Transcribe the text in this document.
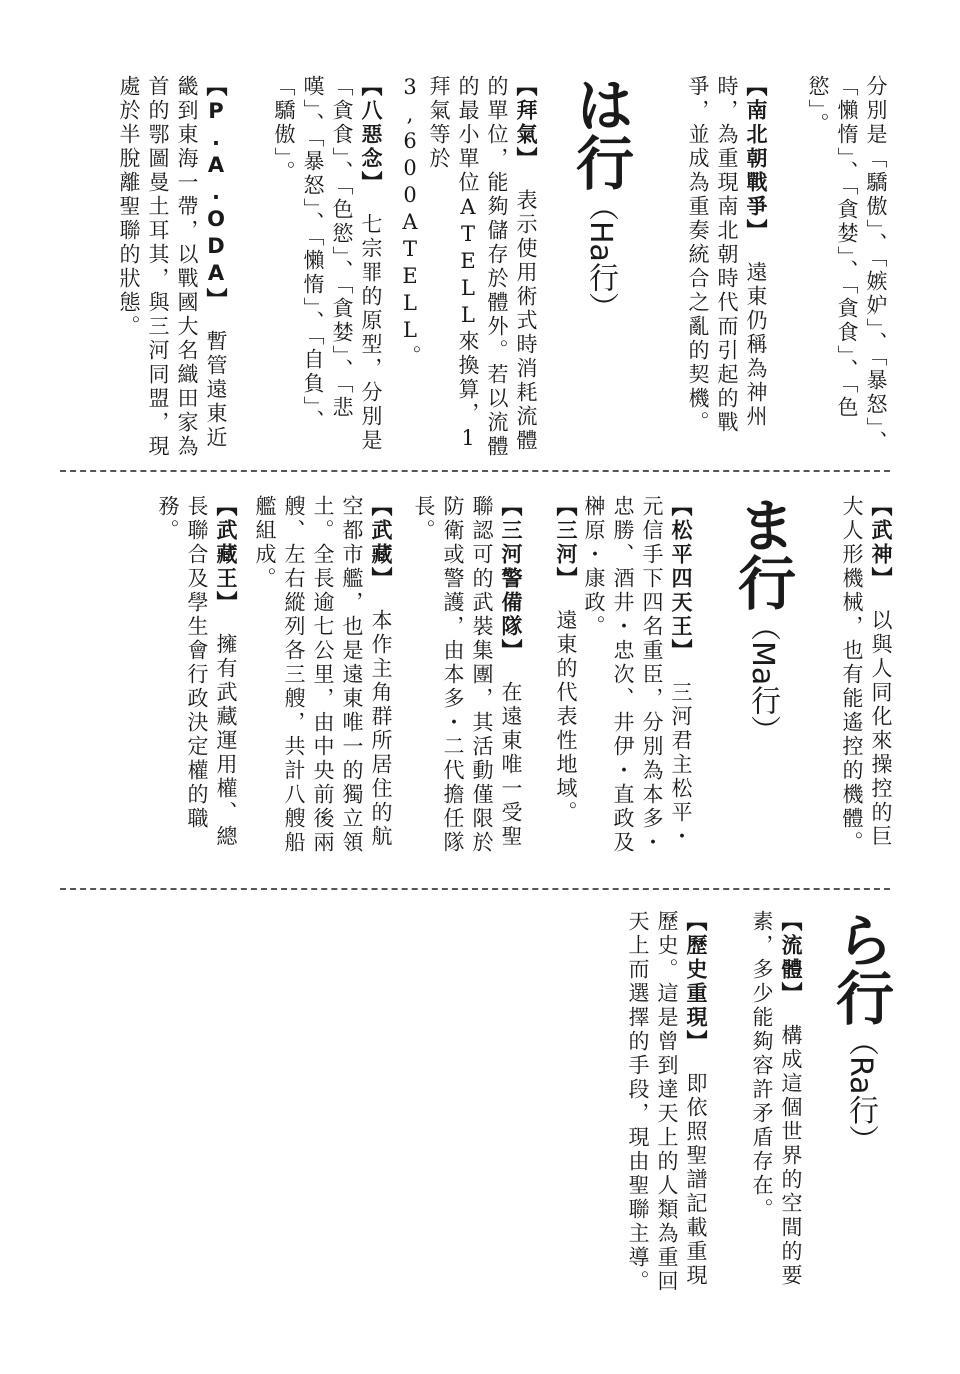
分別是「驕傲」、「嫉妒」、「暴怒」、「懶惰」、「貪婪」、「貪食」、「色慾」。
【南北朝戰爭】遠東仍稱為神州時，為重現南北朝時代而引起的戰爭，並成為重奏統合之亂的契機。
は行（Ha行）
【拜氣】表示使用術式時消耗流體的單位，能夠儲存於體外。若以流體的最小單位ATELL來換算，1拜氣等於3,600ATELL。
【八惡念】七宗罪的原型，分別是「貪食」、「色慾」、「貪婪」、「悲嘆」、「暴怒」、「懶惰」、「自負」、「驕傲」。
【P.A.ODA】暫管遠東近畿到東海一帶，以戰國大名織田家為首的鄂圖曼土耳其，與三河同盟，現處於半脫離聖聯的狀態。
【武神】以與人同化來操控的巨大人形機械，也有能遙控的機體。
ま行（Ma行）
【松平四天王】三河君主松平・元信手下四名重臣，分別為本多・忠勝、酒井・忠次、井伊・直政及榊原・康政。
【三河】遠東的代表性地域。
【三河警備隊】在遠東唯一受聖聯認可的武裝集團，其活動僅限於防衛或警護，由本多・二代擔任隊長。
【武藏】本作主角群所居住的航空都市艦，也是遠東唯一的獨立領土。全長逾七公里，由中央前後兩艘、左右縱列各三艘，共計八艘船艦組成。
【武藏王】擁有武藏運用權、總長聯合及學生會行政決定權的職務。
ら行（Ra行）
【流體】構成這個世界的空間的要素，多少能夠容許矛盾存在。
【歷史重現】即依照聖譜記載重現歷史。這是曾到達天上的人類為重回天上而選擇的手段，現由聖聯主導。
